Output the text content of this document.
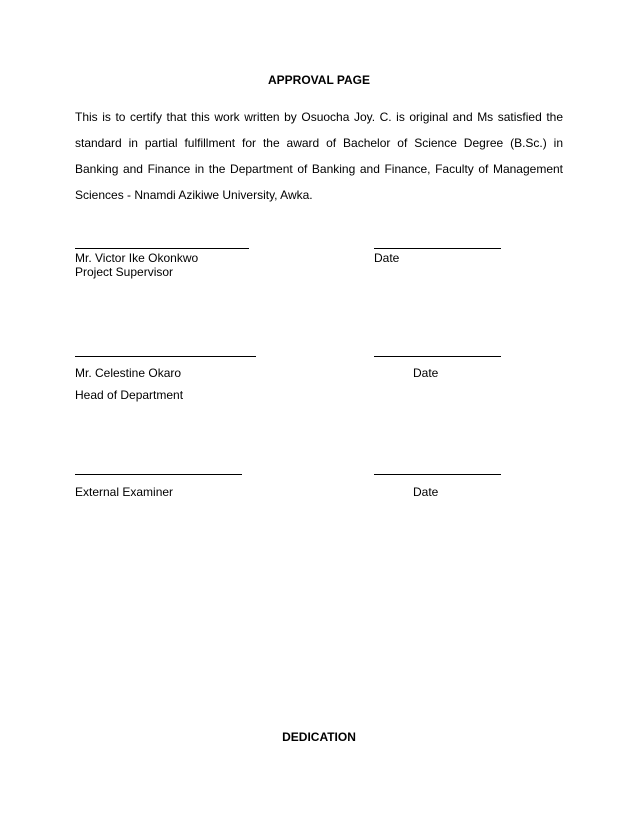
APPROVAL PAGE

This is to certify that this work written by Osuocha Joy. C. is original and Ms satisfied the standard in partial fulfillment for the award of Bachelor of Science Degree (B.Sc.) in Banking and Finance in the Department of Banking and Finance, Faculty of Management Sciences - Nnamdi Azikiwe University, Awka.

Mr. Victor Ike Okonkwo	Date
Project Supervisor
Mr. Celestine Okaro	Date
Head of Department
External Examiner	Date
DEDICATION
